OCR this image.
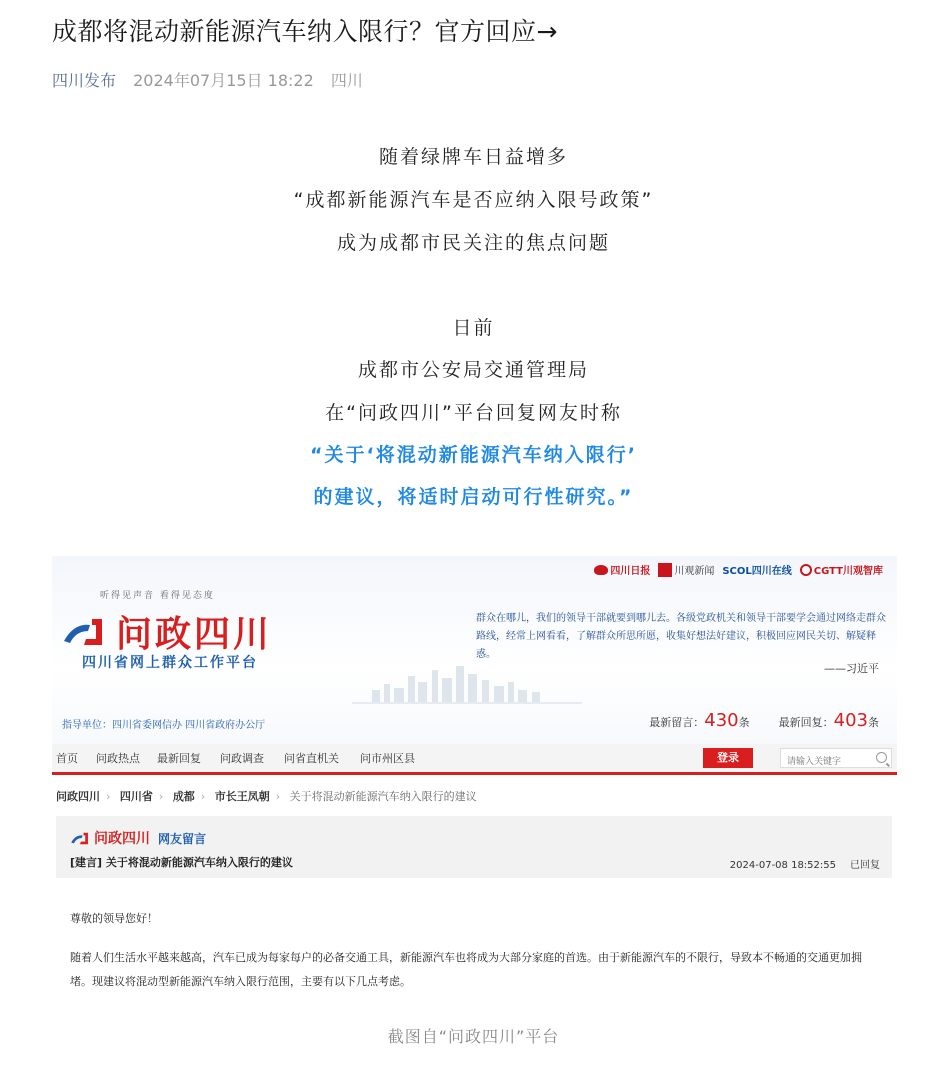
成都将混动新能源汽车纳入限行？官方回应→
四川发布 2024年07月15日 18:22 四川
随着绿牌车日益增多
“成都新能源汽车是否应纳入限号政策”
成为成都市民关注的焦点问题
日前
成都市公安局交通管理局
在“问政四川”平台回复网友时称
“关于‘将混动新能源汽车纳入限行’
的建议，将适时启动可行性研究。”
四川日报 川观新闻 SCOL四川在线 CGTT川观智库
听得见声音 看得见态度
问政四川
四川省网上群众工作平台
群众在哪儿，我们的领导干部就要到哪儿去。各级党政机关和领导干部要学会通过网络走群众路线，经常上网看看，了解群众所思所愿，收集好想法好建议，积极回应网民关切、解疑释惑。
——习近平
指导单位：四川省委网信办 四川省政府办公厅	最新留言：430条	最新回复：403条
首页 问政热点 最新回复 问政调查 问省直机关 问市州区县	登录
请输入关键字
问政四川 › 四川省 › 成都 › 市长王凤朝 › 关于将混动新能源汽车纳入限行的建议
问政四川 网友留言
[建言] 关于将混动新能源汽车纳入限行的建议	2024-07-08 18:52:55 已回复
尊敬的领导您好！
随着人们生活水平越来越高，汽车已成为每家每户的必备交通工具，新能源汽车也将成为大部分家庭的首选。由于新能源汽车的不限行，导致本不畅通的交通更加拥堵。现建议将混动型新能源汽车纳入限行范围，主要有以下几点考虑。
截图自“问政四川”平台
